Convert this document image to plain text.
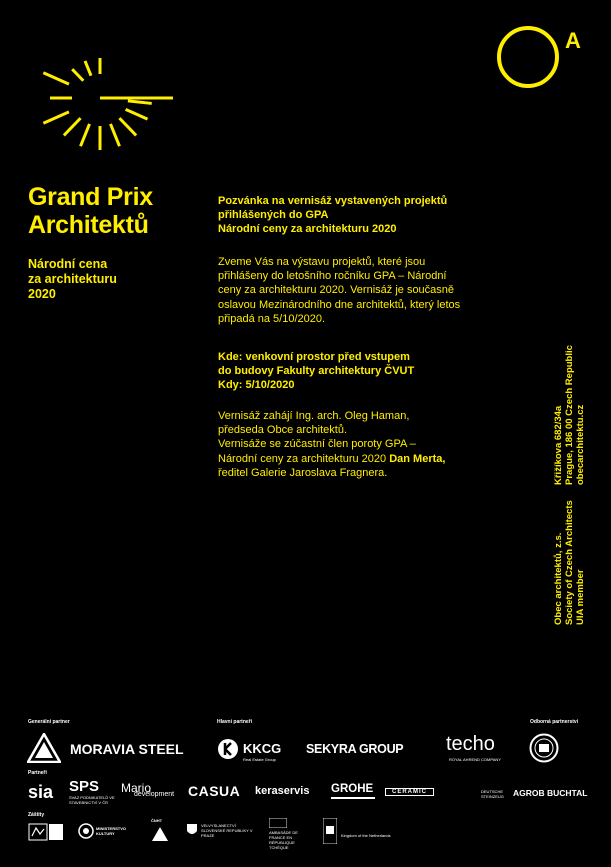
A
Grand Prix
Architektů
Národní cena
za architekturu
2020
Pozvánka na vernisáž vystavených projektů
přihlášených do GPA
Národní ceny za architekturu 2020
Zveme Vás na výstavu projektů, které jsou
přihlášeny do letošního ročníku GPA – Národní
ceny za architekturu 2020. Vernisáž je současně
oslavou Mezinárodního dne architektů, který letos
připadá na 5/10/2020.
Kde: venkovní prostor před vstupem
do budovy Fakulty architektury ČVUT
Kdy: 5/10/2020
Vernisáž zahájí Ing. arch. Oleg Haman,
předseda Obce architektů.
Vernisáže se zúčastní člen poroty GPA –
Národní ceny za architekturu 2020 Dan Merta,
ředitel Galerie Jaroslava Fragnera.
Obec architektů, z.s. Society of Czech Architects UIA member
Křižíkova 682/34a Prague, 186 00 Czech Republic obecarchitektu.cz
Generální partner	Hlavní partneři	Odborná partnerství
MORAVIA STEEL	KKCG
Real Estate Group
SEKYRA GROUP techo
ROYAL AHREND COMPANY
Partneři
sia SPS
SVAZ PODNIKATELŮ VE STAVEBNICTVÍ V ČR
Mario
development CASUA keraservis GROHE	CERAMIC	DEUTSCHE STEINZEUG	AGROB BUCHTAL
Záštity
MINISTERSTVO KULTURY
ČNHT
VELVYSLANECTVÍ SLOVENSKÉ REPUBLIKY V PRAZE
AMBASÁDE DE FRANCE EN RÉPUBLIQUE TCHÈQUE
Kingdom of the Netherlands
